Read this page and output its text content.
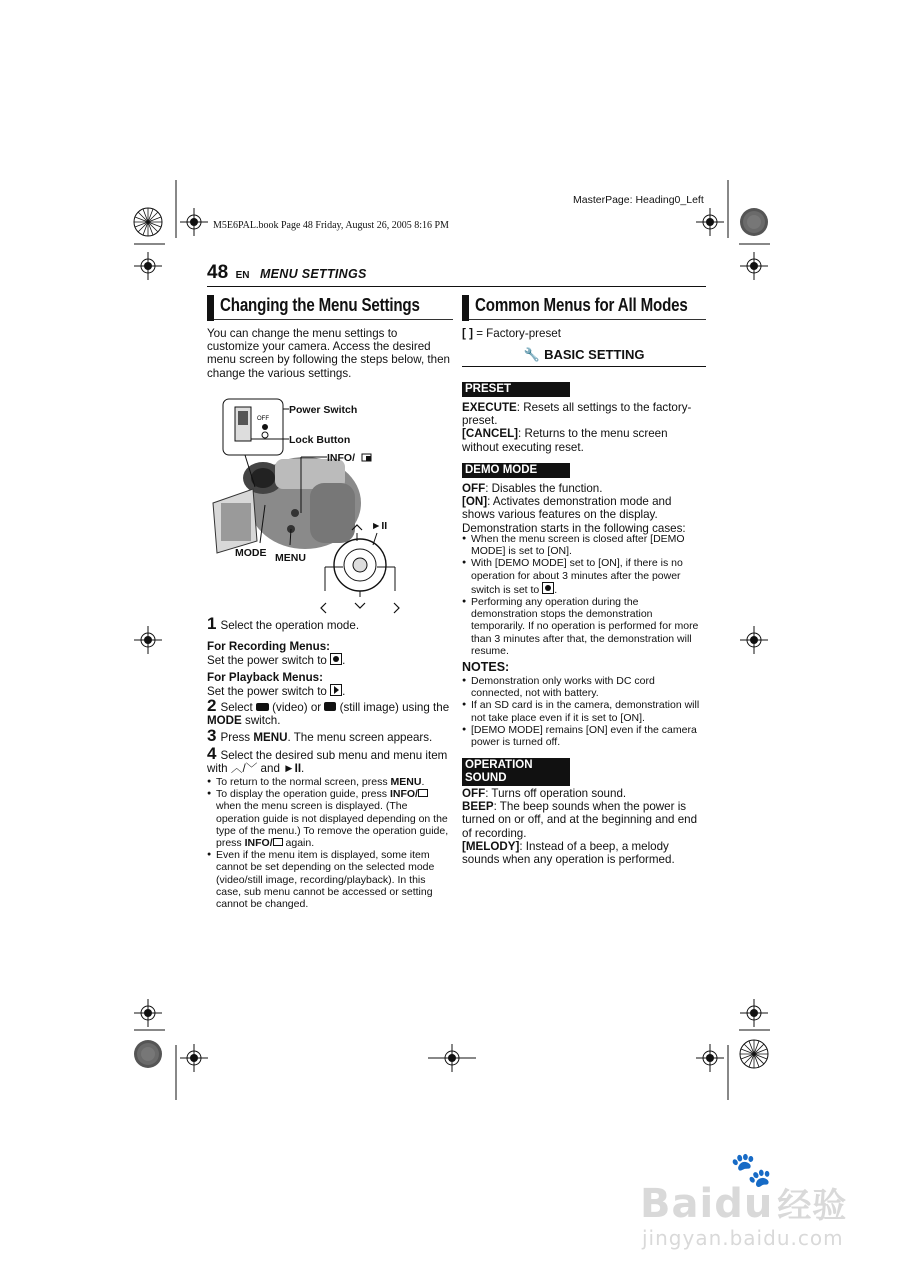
MasterPage: Heading0_Left
M5E6PAL.book Page 48 Friday, August 26, 2005 8:16 PM
48 EN MENU SETTINGS
Changing the Menu Settings
You can change the menu settings to customize your camera. Access the desired menu screen by following the steps below, then change the various settings.
OFF
Power Switch
Lock Button
INFO/
MODE MENU
►II
1 Select the operation mode.
For Recording Menus:
Set the power switch to .
For Playback Menus:
Set the power switch to .
2 Select (video) or (still image) using the MODE switch.
3 Press MENU. The menu screen appears.
4 Select the desired sub menu and menu item with ︿/﹀ and ►II.
● To return to the normal screen, press MENU.
● To display the operation guide, press INFO/ when the menu screen is displayed. (The operation guide is not displayed depending on the type of the menu.) To remove the operation guide, press INFO/ again.
● Even if the menu item is displayed, some item cannot be set depending on the selected mode (video/still image, recording/playback). In this case, sub menu cannot be accessed or setting cannot be changed.
Common Menus for All Modes
[ ] = Factory-preset
🔧 BASIC SETTING
PRESET
EXECUTE: Resets all settings to the factory-preset.
[CANCEL]: Returns to the menu screen without executing reset.
DEMO MODE
OFF: Disables the function.
[ON]: Activates demonstration mode and shows various features on the display.
Demonstration starts in the following cases:
● When the menu screen is closed after [DEMO MODE] is set to [ON].
● With [DEMO MODE] set to [ON], if there is no operation for about 3 minutes after the power switch is set to .
● Performing any operation during the demonstration stops the demonstration temporarily. If no operation is performed for more than 3 minutes after that, the demonstration will resume.
NOTES:
● Demonstration only works with DC cord connected, not with battery.
● If an SD card is in the camera, demonstration will not take place even if it is set to [ON].
● [DEMO MODE] remains [ON] even if the camera power is turned off.
OPERATION
SOUND
OFF: Turns off operation sound.
BEEP: The beep sounds when the power is turned on or off, and at the beginning and end of recording.
[MELODY]: Instead of a beep, a melody sounds when any operation is performed.
🐾
Baidu 经验
jingyan.baidu.com
